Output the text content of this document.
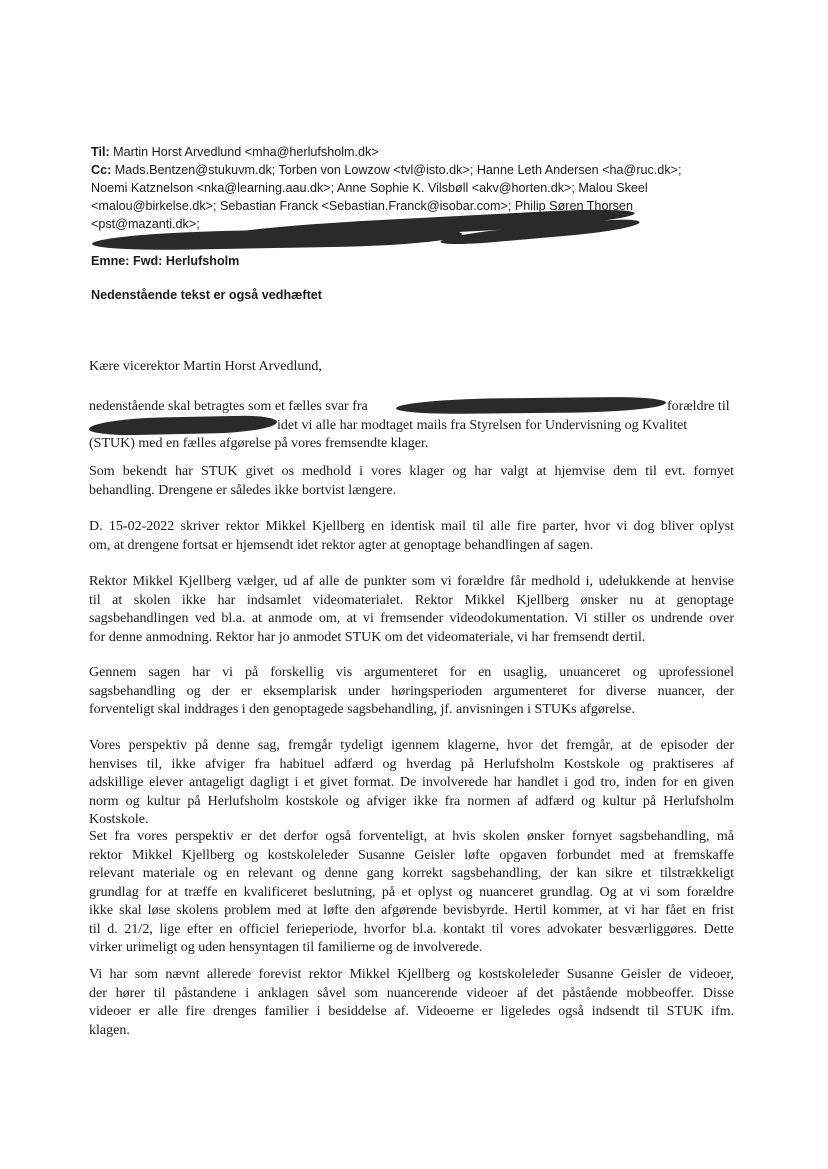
Til: Martin Horst Arvedlund <mha@herlufsholm.dk>
Cc: Mads.Bentzen@stukuvm.dk; Torben von Lowzow <tvl@isto.dk>; Hanne Leth Andersen <ha@ruc.dk>;
Noemi Katznelson <nka@learning.aau.dk>; Anne Sophie K. Vilsbøll <akv@horten.dk>; Malou Skeel
<malou@birkelse.dk>; Sebastian Franck <Sebastian.Franck@isobar.com>; Philip Søren Thorsen
<pst@mazanti.dk>;
Emne: Fwd: Herlufsholm
Nedenstående tekst er også vedhæftet
Kære vicerektor Martin Horst Arvedlund,
nedenstående skal betragtes som et fælles svar fra	forældre til
idet vi alle har modtaget mails fra Styrelsen for Undervisning og Kvalitet
(STUK) med en fælles afgørelse på vores fremsendte klager.
Som bekendt har STUK givet os medhold i vores klager og har valgt at hjemvise dem til evt. fornyet
behandling. Drengene er således ikke bortvist længere.
D. 15-02-2022 skriver rektor Mikkel Kjellberg en identisk mail til alle fire parter, hvor vi dog bliver oplyst
om, at drengene fortsat er hjemsendt idet rektor agter at genoptage behandlingen af sagen.
Rektor Mikkel Kjellberg vælger, ud af alle de punkter som vi forældre får medhold i, udelukkende at henvise
til at skolen ikke har indsamlet videomaterialet. Rektor Mikkel Kjellberg ønsker nu at genoptage
sagsbehandlingen ved bl.a. at anmode om, at vi fremsender videodokumentation. Vi stiller os undrende over
for denne anmodning. Rektor har jo anmodet STUK om det videomateriale, vi har fremsendt dertil.
Gennem sagen har vi på forskellig vis argumenteret for en usaglig, unuanceret og uprofessionel
sagsbehandling og der er eksemplarisk under høringsperioden argumenteret for diverse nuancer, der
forventeligt skal inddrages i den genoptagede sagsbehandling, jf. anvisningen i STUKs afgørelse.
Vores perspektiv på denne sag, fremgår tydeligt igennem klagerne, hvor det fremgår, at de episoder der
henvises til, ikke afviger fra habituel adfærd og hverdag på Herlufsholm Kostskole og praktiseres af
adskillige elever antageligt dagligt i et givet format. De involverede har handlet i god tro, inden for en given
norm og kultur på Herlufsholm kostskole og afviger ikke fra normen af adfærd og kultur på Herlufsholm
Kostskole.
Set fra vores perspektiv er det derfor også forventeligt, at hvis skolen ønsker fornyet sagsbehandling, må
rektor Mikkel Kjellberg og kostskoleleder Susanne Geisler løfte opgaven forbundet med at fremskaffe
relevant materiale og en relevant og denne gang korrekt sagsbehandling, der kan sikre et tilstrækkeligt
grundlag for at træffe en kvalificeret beslutning, på et oplyst og nuanceret grundlag. Og at vi som forældre
ikke skal løse skolens problem med at løfte den afgørende bevisbyrde. Hertil kommer, at vi har fået en frist
til d. 21/2, lige efter en officiel ferieperiode, hvorfor bl.a. kontakt til vores advokater besværliggøres. Dette
virker urimeligt og uden hensyntagen til familierne og de involverede.
Vi har som nævnt allerede forevist rektor Mikkel Kjellberg og kostskoleleder Susanne Geisler de videoer,
der hører til påstandene i anklagen såvel som nuancerende videoer af det påstående mobbeoffer. Disse
videoer er alle fire drenges familier i besiddelse af. Videoerne er ligeledes også indsendt til STUK ifm.
klagen.
